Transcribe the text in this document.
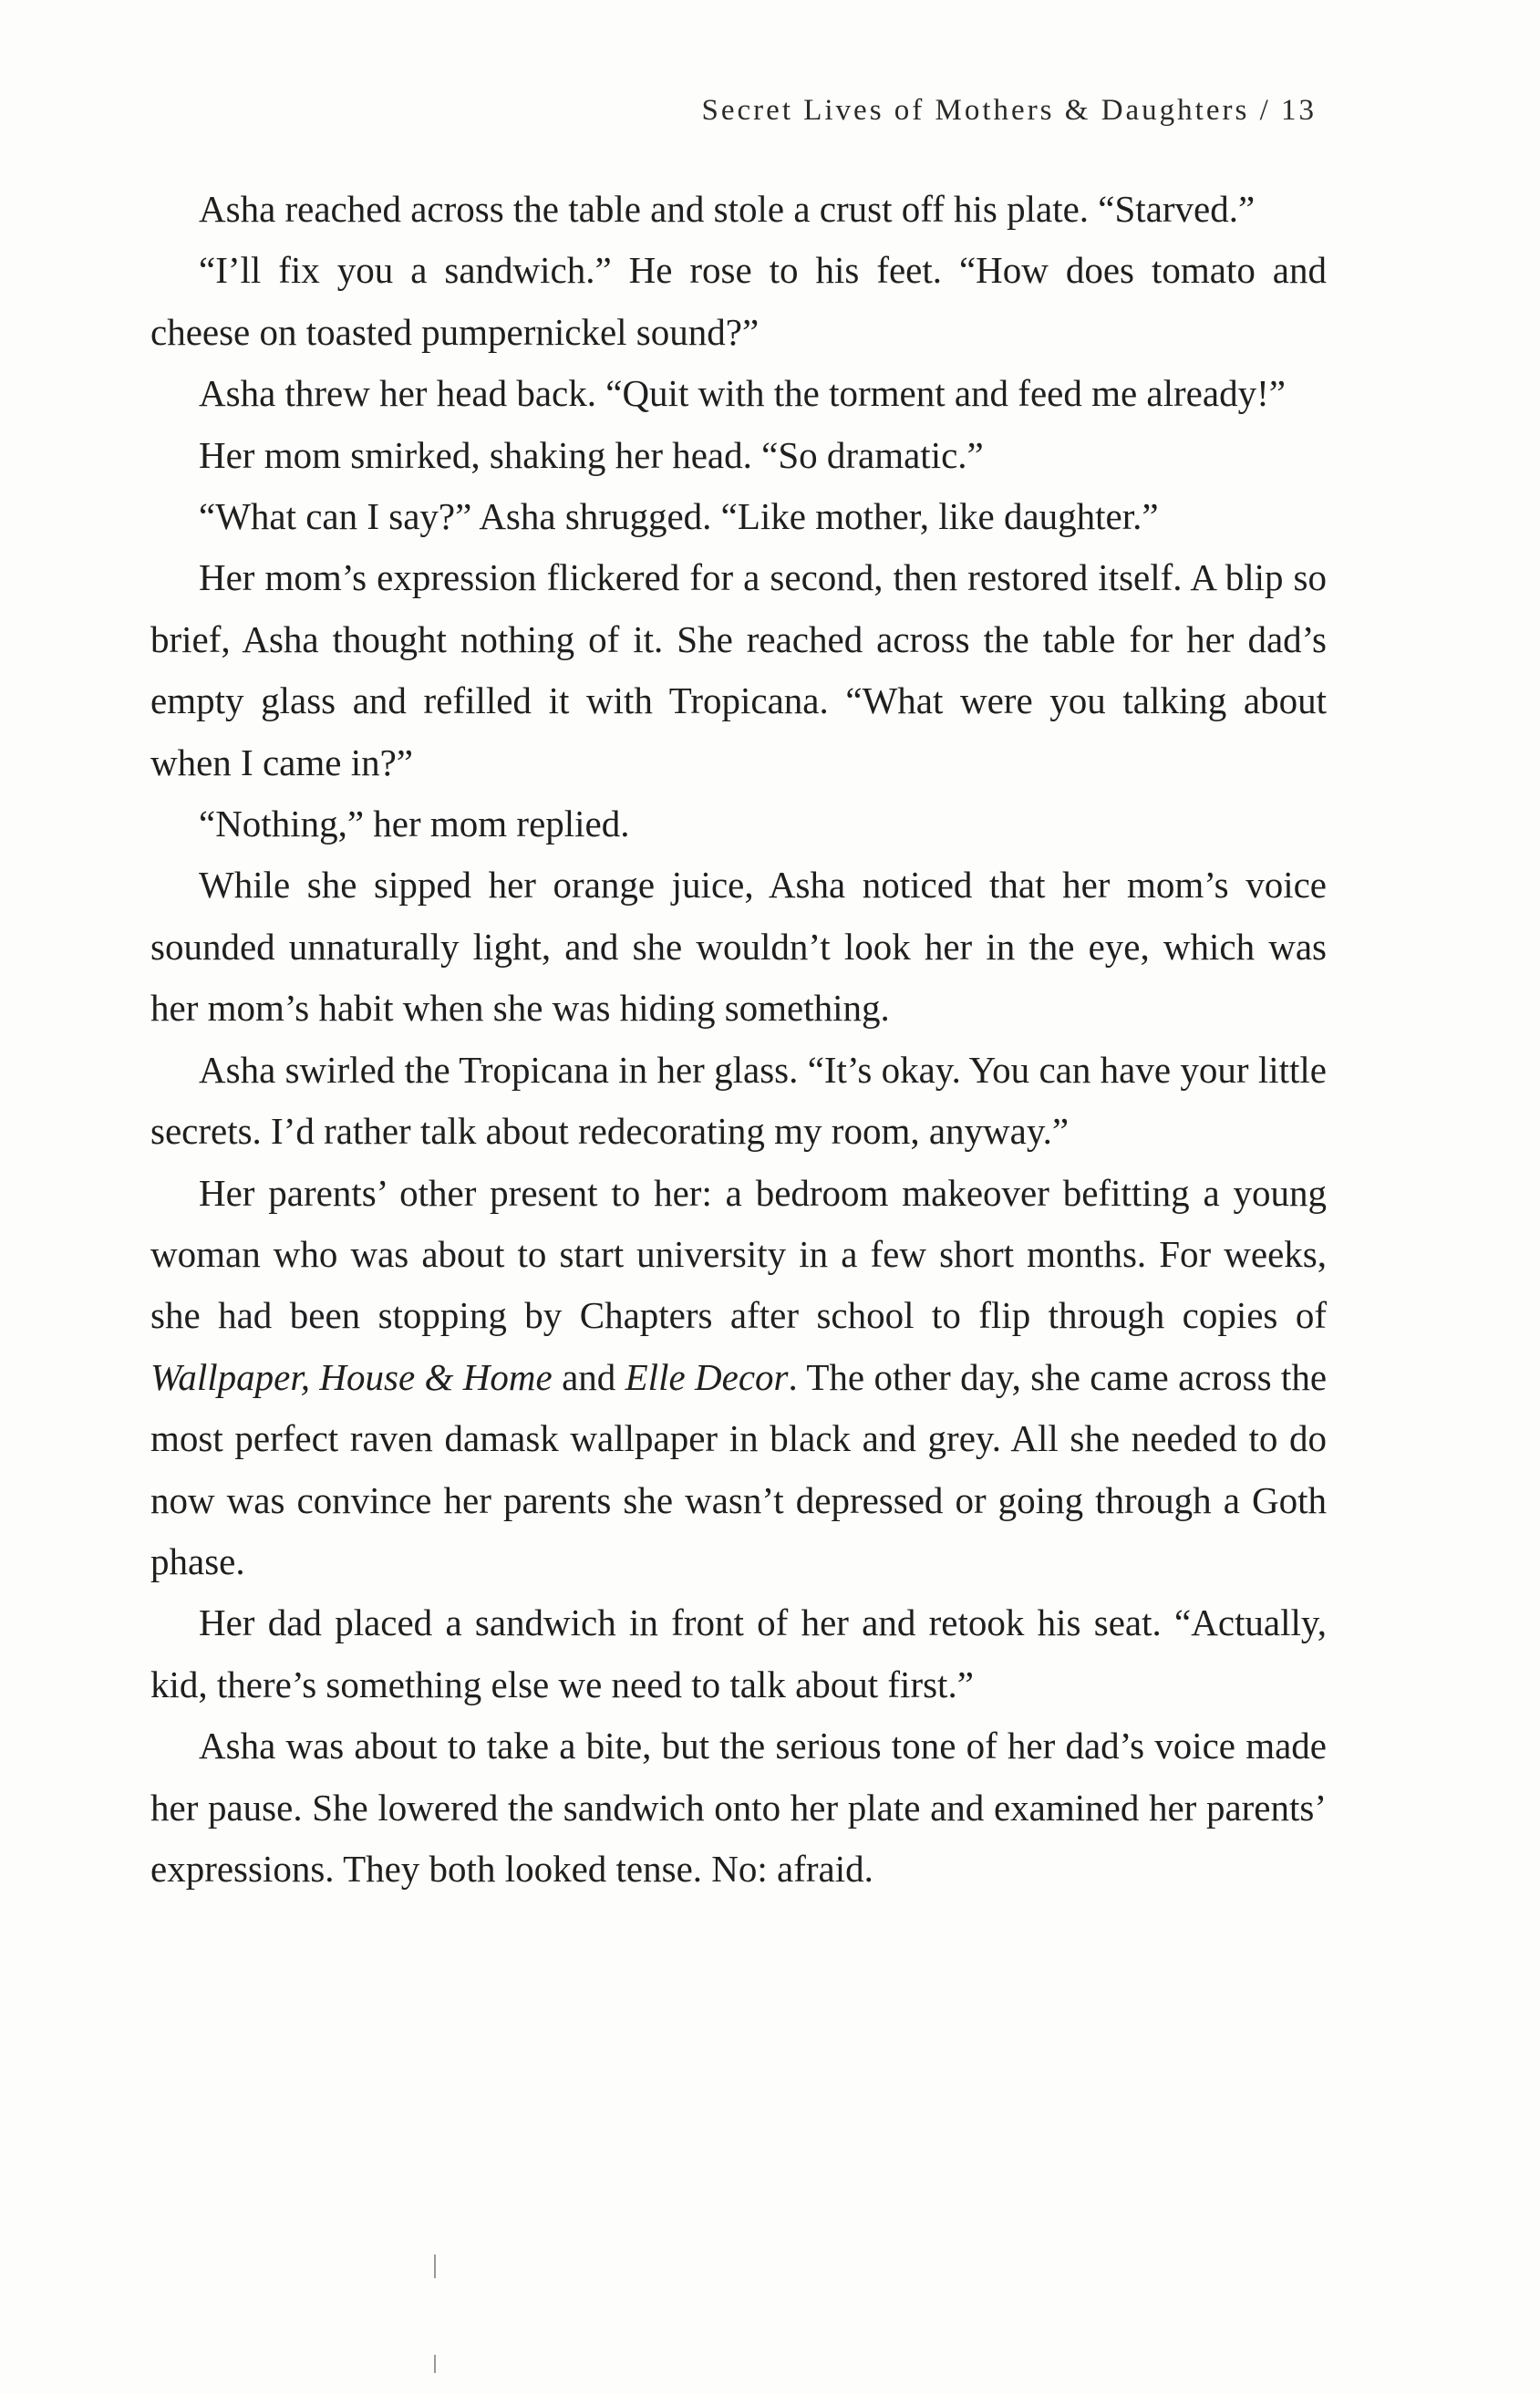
Secret Lives of Mothers & Daughters / 13

Asha reached across the table and stole a crust off his plate. “Starved.”

“I’ll fix you a sandwich.” He rose to his feet. “How does tomato and cheese on toasted pumpernickel sound?”

Asha threw her head back. “Quit with the torment and feed me already!”

Her mom smirked, shaking her head. “So dramatic.”

“What can I say?” Asha shrugged. “Like mother, like daughter.”

Her mom’s expression flickered for a second, then restored itself. A blip so brief, Asha thought nothing of it. She reached across the table for her dad’s empty glass and refilled it with Tropicana. “What were you talking about when I came in?”

“Nothing,” her mom replied.

While she sipped her orange juice, Asha noticed that her mom’s voice sounded unnaturally light, and she wouldn’t look her in the eye, which was her mom’s habit when she was hiding something.

Asha swirled the Tropicana in her glass. “It’s okay. You can have your little secrets. I’d rather talk about redecorating my room, anyway.”

Her parents’ other present to her: a bedroom makeover befitting a young woman who was about to start university in a few short months. For weeks, she had been stopping by Chapters after school to flip through copies of Wallpaper, House & Home and Elle Decor. The other day, she came across the most perfect raven damask wallpaper in black and grey. All she needed to do now was convince her parents she wasn’t depressed or going through a Goth phase.

Her dad placed a sandwich in front of her and retook his seat. “Actually, kid, there’s something else we need to talk about first.”

Asha was about to take a bite, but the serious tone of her dad’s voice made her pause. She lowered the sandwich onto her plate and examined her parents’ expressions. They both looked tense. No: afraid.
